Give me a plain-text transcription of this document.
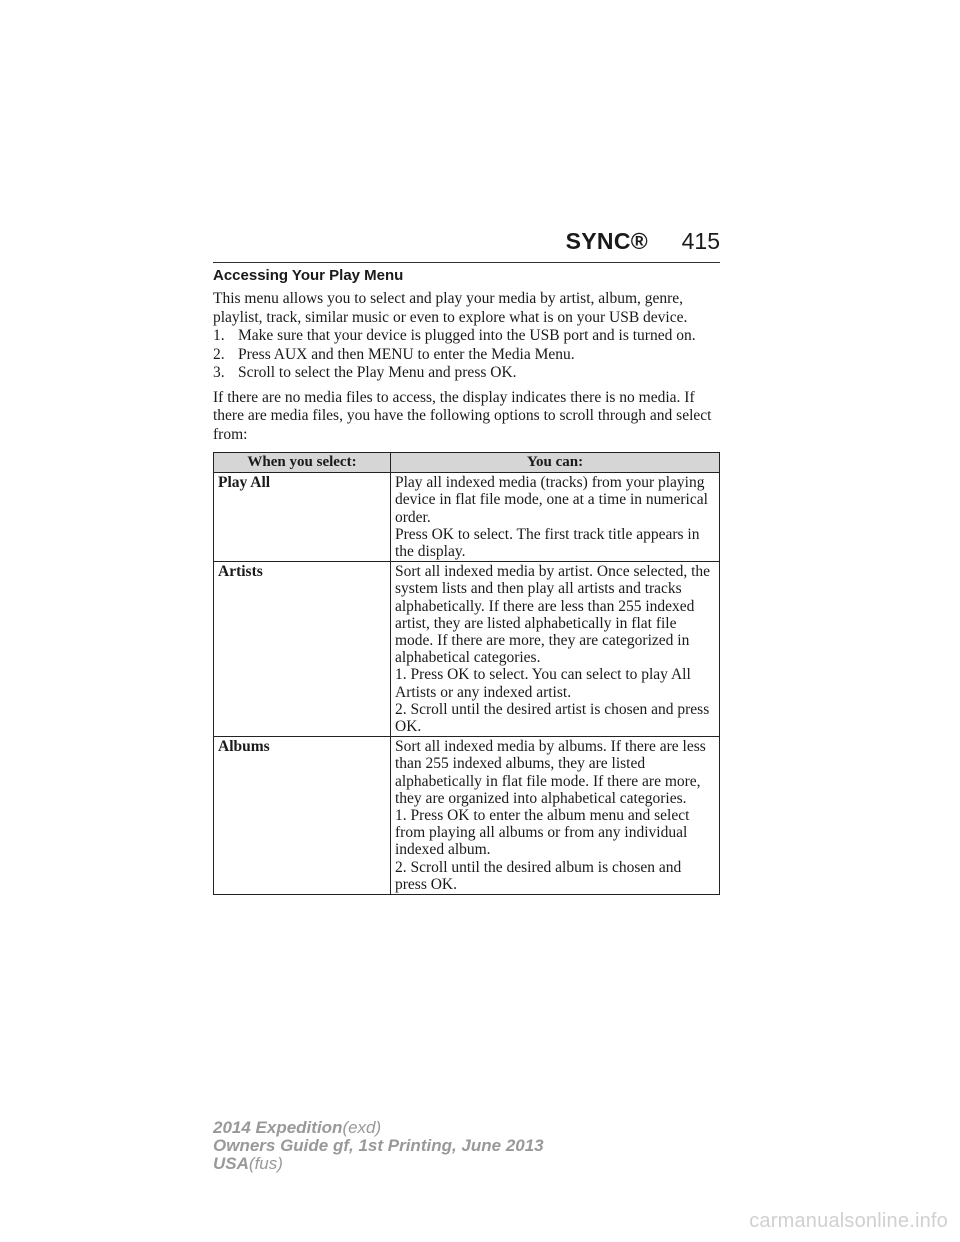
SYNC® 415
Accessing Your Play Menu

This menu allows you to select and play your media by artist, album, genre, playlist, track, similar music or even to explore what is on your USB device.

1. Make sure that your device is plugged into the USB port and is turned on.
2. Press AUX and then MENU to enter the Media Menu.
3. Scroll to select the Play Menu and press OK.

If there are no media files to access, the display indicates there is no media. If there are media files, you have the following options to scroll through and select from:

When you select:	You can:
Play All	Play all indexed media (tracks) from your playing device in flat file mode, one at a time in numerical order.
Press OK to select. The first track title appears in the display.

Artists	Sort all indexed media by artist. Once selected, the system lists and then play all artists and tracks alphabetically. If there are less than 255 indexed artist, they are listed alphabetically in flat file mode. If there are more, they are categorized in alphabetical categories.
1. Press OK to select. You can select to play All Artists or any indexed artist.
2. Scroll until the desired artist is chosen and press OK.

Albums	Sort all indexed media by albums. If there are less than 255 indexed albums, they are listed alphabetically in flat file mode. If there are more, they are organized into alphabetical categories.
1. Press OK to enter the album menu and select from playing all albums or from any individual indexed album.
2. Scroll until the desired album is chosen and press OK.
2014 Expedition(exd)
Owners Guide gf, 1st Printing, June 2013
USA(fus)
carmanualsonline.info
